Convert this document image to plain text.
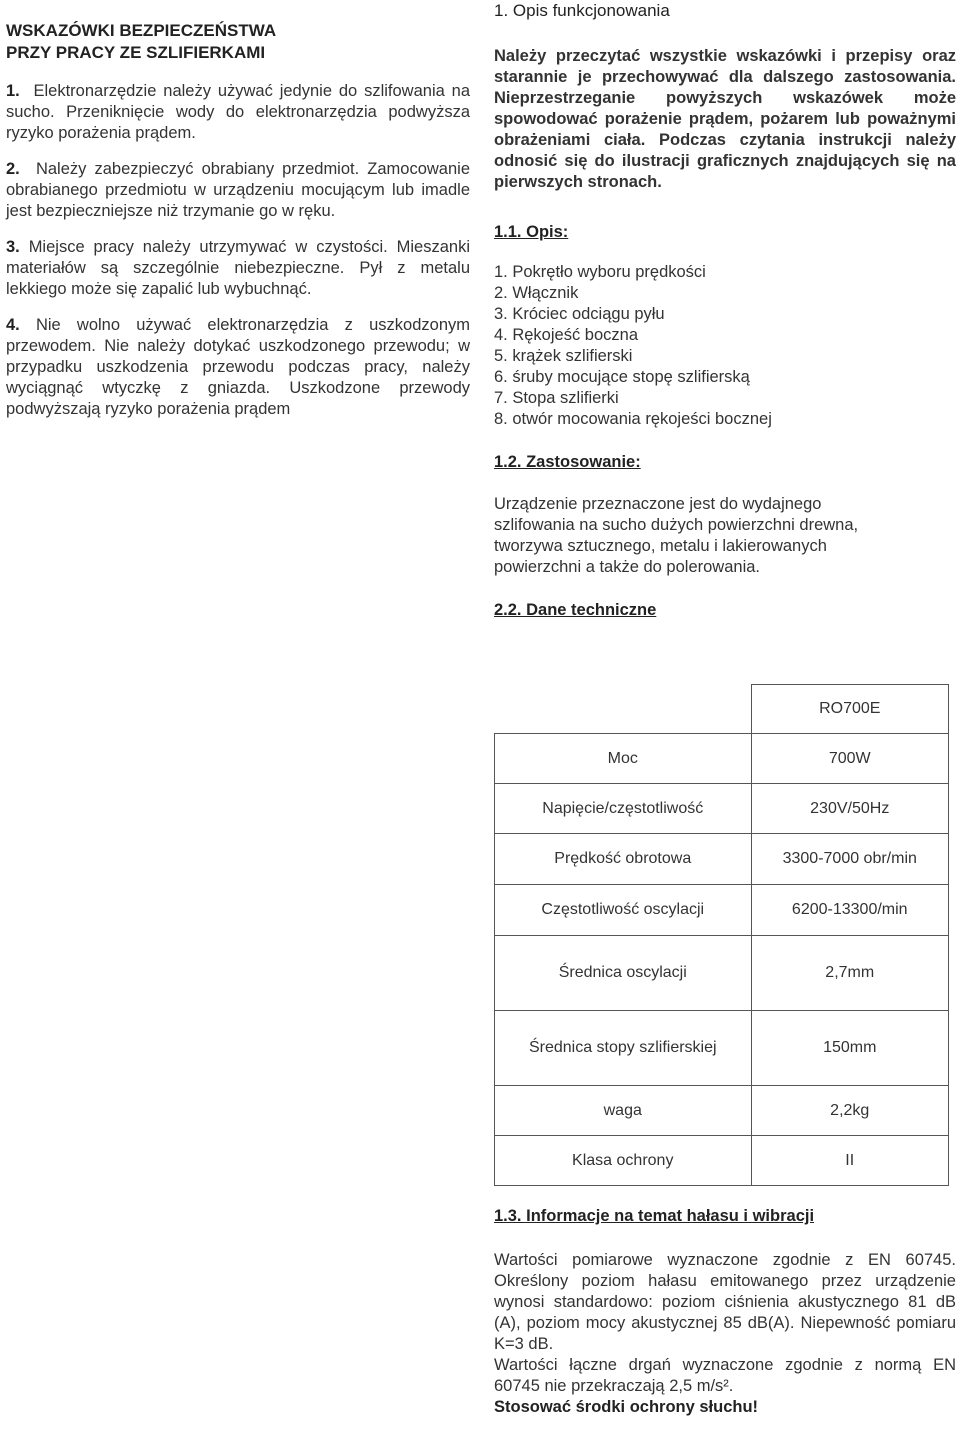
WSKAZÓWKI BEZPIECZEŃSTWA

PRZY PRACY ZE SZLIFIERKAMI

1. Elektronarzędzie należy używać jedynie do szlifowania na sucho. Przeniknięcie wody do elektronarzędzia podwyższa ryzyko porażenia prądem.

2. Należy zabezpieczyć obrabiany przedmiot. Zamocowanie obrabianego przedmiotu w urządzeniu mocującym lub imadle jest bezpieczniejsze niż trzymanie go w ręku.

3. Miejsce pracy należy utrzymywać w czystości. Mieszanki materiałów są szczególnie niebezpieczne. Pył z metalu lekkiego może się zapalić lub wybuchnąć.

4. Nie wolno używać elektronarzędzia z uszkodzonym przewodem. Nie należy dotykać uszkodzonego przewodu; w przypadku uszkodzenia przewodu podczas pracy, należy wyciągnąć wtyczkę z gniazda. Uszkodzone przewody podwyższają ryzyko porażenia prądem

1. Opis funkcjonowania

Należy przeczytać wszystkie wskazówki i przepisy oraz starannie je przechowywać dla dalszego zastosowania. Nieprzestrzeganie powyższych wskazówek może spowodować porażenie prądem, pożarem lub poważnymi obrażeniami ciała. Podczas czytania instrukcji należy odnosić się do ilustracji graficznych znajdujących się na pierwszych stronach.

1.1. Opis:

1. Pokrętło wyboru prędkości
2. Włącznik
3. Króciec odciągu pyłu
4. Rękojeść boczna
5. krążek szlifierski
6. śruby mocujące stopę szlifierską
7. Stopa szlifierki
8. otwór mocowania rękojeści bocznej

1.2. Zastosowanie:

Urządzenie przeznaczone jest do wydajnego

szlifowania na sucho dużych powierzchni drewna,

tworzywa sztucznego, metalu i lakierowanych

powierzchni a także do polerowania.

2.2. Dane techniczne

	RO700E
Moc	700W
Napięcie/częstotliwość	230V/50Hz
Prędkość obrotowa	3300-7000 obr/min
Częstotliwość oscylacji	6200-13300/min
Średnica oscylacji	2,7mm
Średnica stopy szlifierskiej	150mm
waga	2,2kg
Klasa ochrony	II

1.3. Informacje na temat hałasu i wibracji

Wartości pomiarowe wyznaczone zgodnie z EN 60745. Określony poziom hałasu emitowanego przez urządzenie wynosi standardowo: poziom ciśnienia akustycznego 81 dB (A), poziom mocy akustycznej 85 dB(A). Niepewność pomiaru K=3 dB.

Wartości łączne drgań wyznaczone zgodnie z normą EN 60745 nie przekraczają 2,5 m/s².

Stosować środki ochrony słuchu!
